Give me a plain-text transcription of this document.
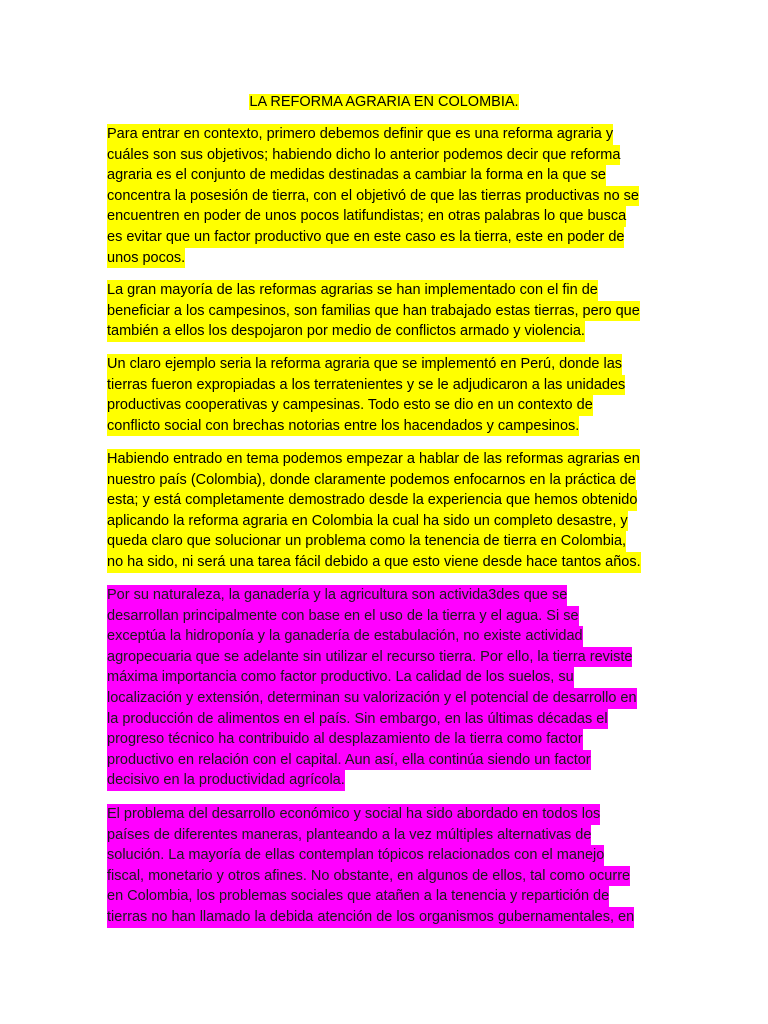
LA REFORMA AGRARIA EN COLOMBIA.
Para entrar en contexto, primero debemos definir que es una reforma agraria y
cuáles son sus objetivos; habiendo dicho lo anterior podemos decir que reforma
agraria es el conjunto de medidas destinadas a cambiar la forma en la que se
concentra la posesión de tierra, con el objetivó de que las tierras productivas no se
encuentren en poder de unos pocos latifundistas; en otras palabras lo que busca
es evitar que un factor productivo que en este caso es la tierra, este en poder de
unos pocos.
La gran mayoría de las reformas agrarias se han implementado con el fin de
beneficiar a los campesinos, son familias que han trabajado estas tierras, pero que
también a ellos los despojaron por medio de conflictos armado y violencia.
Un claro ejemplo seria la reforma agraria que se implementó en Perú, donde las
tierras fueron expropiadas a los terratenientes y se le adjudicaron a las unidades
productivas cooperativas y campesinas. Todo esto se dio en un contexto de
conflicto social con brechas notorias entre los hacendados y campesinos.
Habiendo entrado en tema podemos empezar a hablar de las reformas agrarias en
nuestro país (Colombia), donde claramente podemos enfocarnos en la práctica de
esta; y está completamente demostrado desde la experiencia que hemos obtenido
aplicando la reforma agraria en Colombia la cual ha sido un completo desastre, y
queda claro que solucionar un problema como la tenencia de tierra en Colombia,
no ha sido, ni será una tarea fácil debido a que esto viene desde hace tantos años.
Por su naturaleza, la ganadería y la agricultura son activida3des que se
desarrollan principalmente con base en el uso de la tierra y el agua. Si se
exceptúa la hidroponía y la ganadería de estabulación, no existe actividad
agropecuaria que se adelante sin utilizar el recurso tierra. Por ello, la tierra reviste
máxima importancia como factor productivo. La calidad de los suelos, su
localización y extensión, determinan su valorización y el potencial de desarrollo en
la producción de alimentos en el país. Sin embargo, en las últimas décadas el
progreso técnico ha contribuido al desplazamiento de la tierra como factor
productivo en relación con el capital. Aun así, ella continúa siendo un factor
decisivo en la productividad agrícola.
El problema del desarrollo económico y social ha sido abordado en todos los
países de diferentes maneras, planteando a la vez múltiples alternativas de
solución. La mayoría de ellas contemplan tópicos relacionados con el manejo
fiscal, monetario y otros afines. No obstante, en algunos de ellos, tal como ocurre
en Colombia, los problemas sociales que atañen a la tenencia y repartición de
tierras no han llamado la debida atención de los organismos gubernamentales, en
